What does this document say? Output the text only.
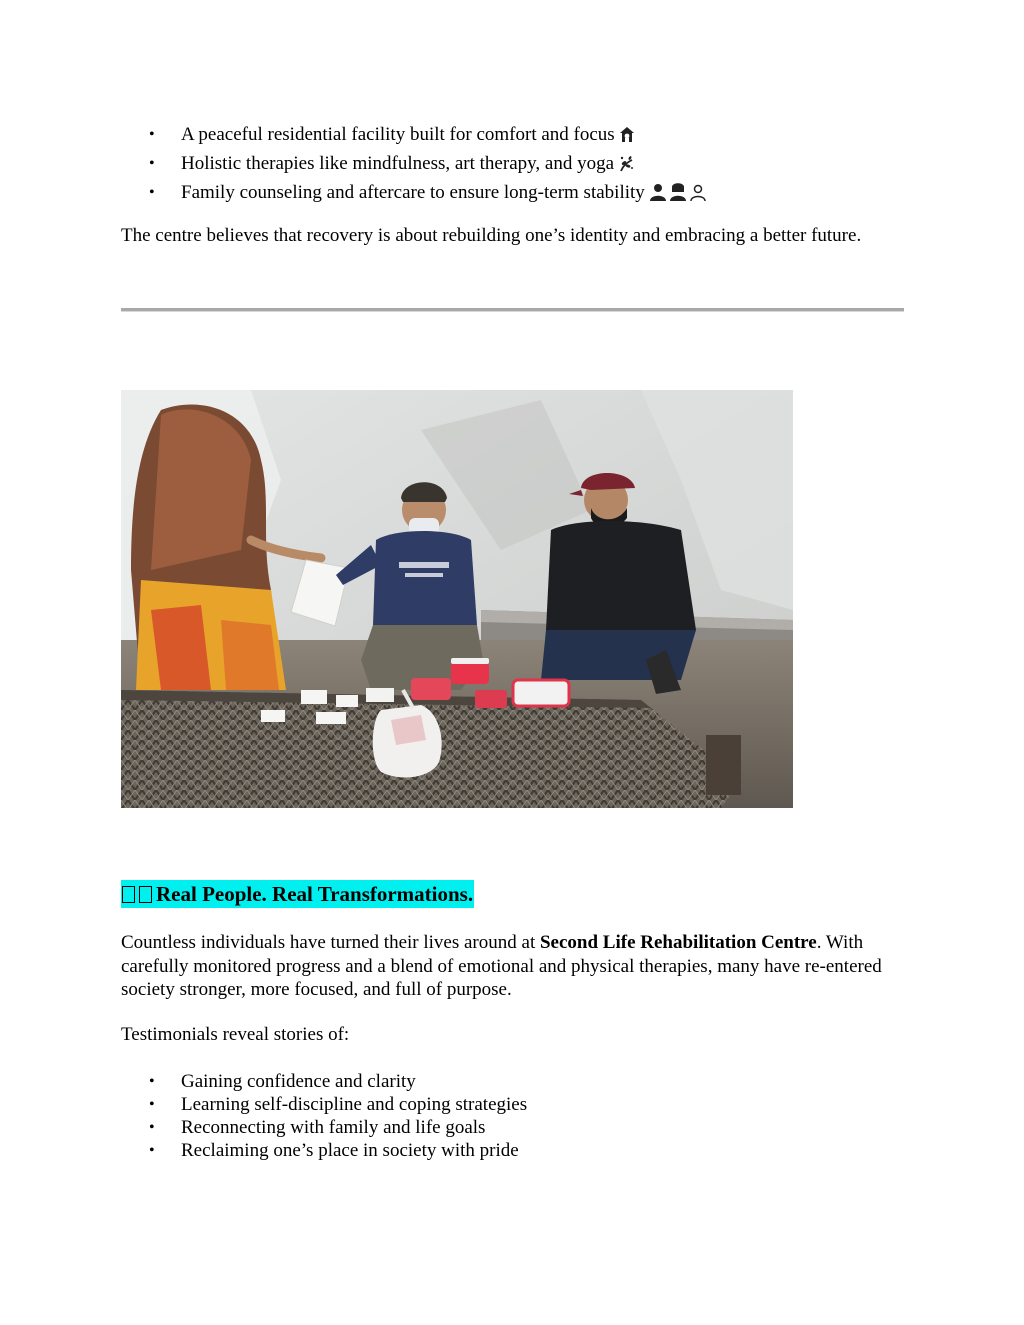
• A peaceful residential facility built for comfort and focus
• Holistic therapies like mindfulness, art therapy, and yoga
• Family counseling and aftercare to ensure long-term stability

The centre believes that recovery is about rebuilding one’s identity and embracing a better future.

Real People. Real Transformations.

Countless individuals have turned their lives around at Second Life Rehabilitation Centre. With carefully monitored progress and a blend of emotional and physical therapies, many have re-entered society stronger, more focused, and full of purpose.

Testimonials reveal stories of:

• Gaining confidence and clarity
• Learning self-discipline and coping strategies
• Reconnecting with family and life goals
• Reclaiming one’s place in society with pride
